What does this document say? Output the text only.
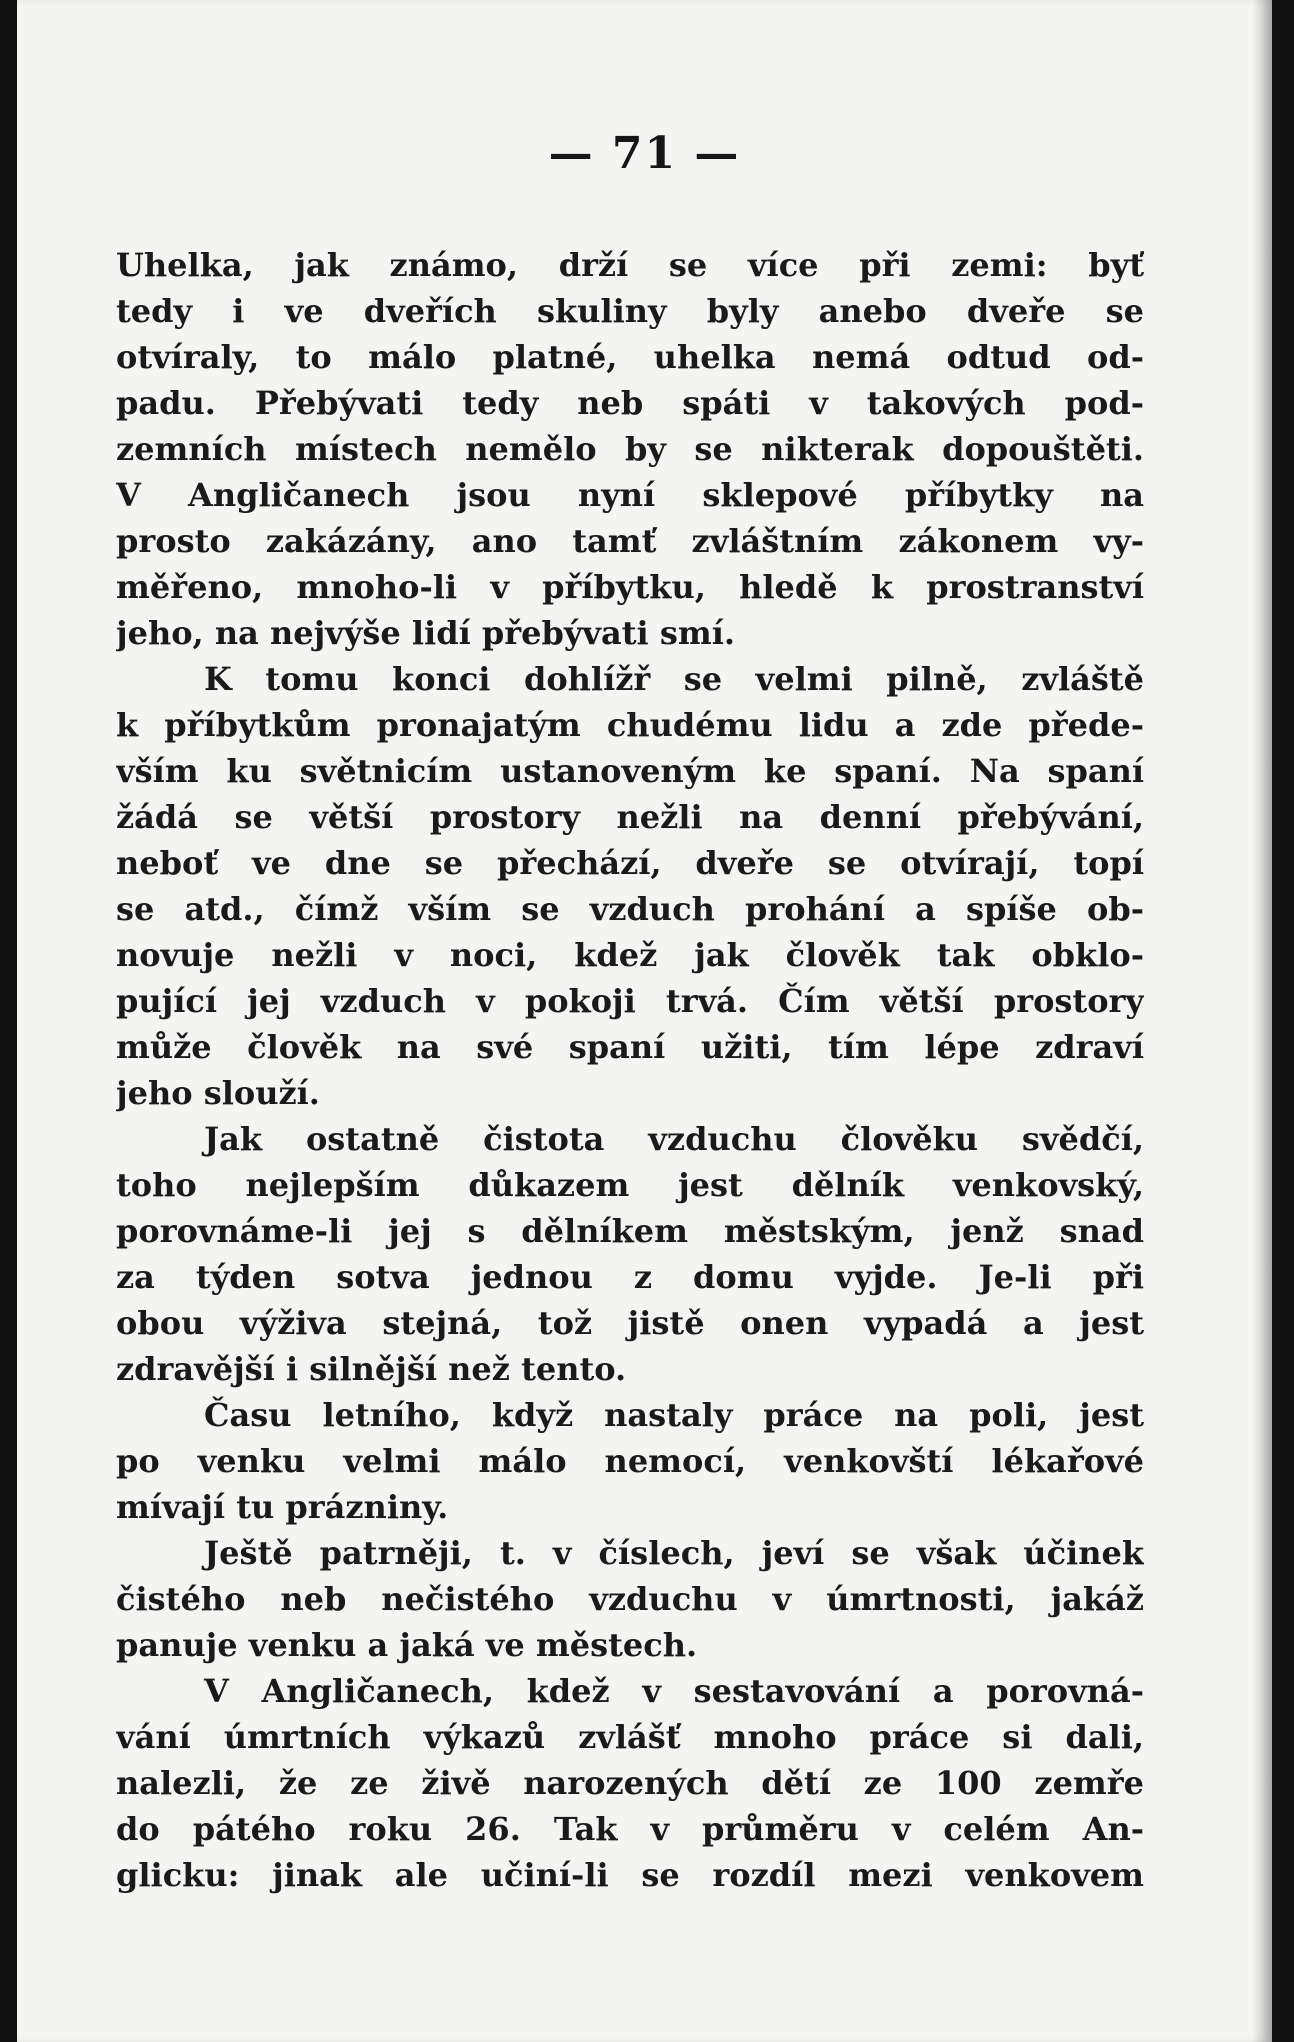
— 71 —
Uhelka, jak známo, drží se více při zemi: byť
tedy i ve dveřích skuliny byly anebo dveře se
otvíraly, to málo platné, uhelka nemá odtud od-
padu. Přebývati tedy neb spáti v takových pod-
zemních místech nemělo by se nikterak dopouštěti.
V Angličanech jsou nyní sklepové příbytky na
prosto zakázány, ano tamť zvláštním zákonem vy-
měřeno, mnoho-li v příbytku, hledě k prostranství
jeho, na nejvýše lidí přebývati smí.
K tomu konci dohlížř se velmi pilně, zvláště
k příbytkům pronajatým chudému lidu a zde přede-
vším ku světnicím ustanoveným ke spaní. Na spaní
žádá se větší prostory nežli na denní přebývání,
neboť ve dne se přechází, dveře se otvírají, topí
se atd., čímž vším se vzduch prohání a spíše ob-
novuje nežli v noci, kdež jak člověk tak obklo-
pující jej vzduch v pokoji trvá. Čím větší prostory
může člověk na své spaní užiti, tím lépe zdraví
jeho slouží.
Jak ostatně čistota vzduchu člověku svědčí,
toho nejlepším důkazem jest dělník venkovský,
porovnáme-li jej s dělníkem městským, jenž snad
za týden sotva jednou z domu vyjde. Je-li při
obou výživa stejná, tož jistě onen vypadá a jest
zdravější i silnější než tento.
Času letního, když nastaly práce na poli, jest
po venku velmi málo nemocí, venkovští lékařové
mívají tu prázniny.
Ještě patrněji, t. v číslech, jeví se však účinek
čistého neb nečistého vzduchu v úmrtnosti, jakáž
panuje venku a jaká ve městech.
V Angličanech, kdež v sestavování a porovná-
vání úmrtních výkazů zvlášť mnoho práce si dali,
nalezli, že ze živě narozených dětí ze 100 zemře
do pátého roku 26. Tak v průměru v celém An-
glicku: jinak ale učiní-li se rozdíl mezi venkovem
